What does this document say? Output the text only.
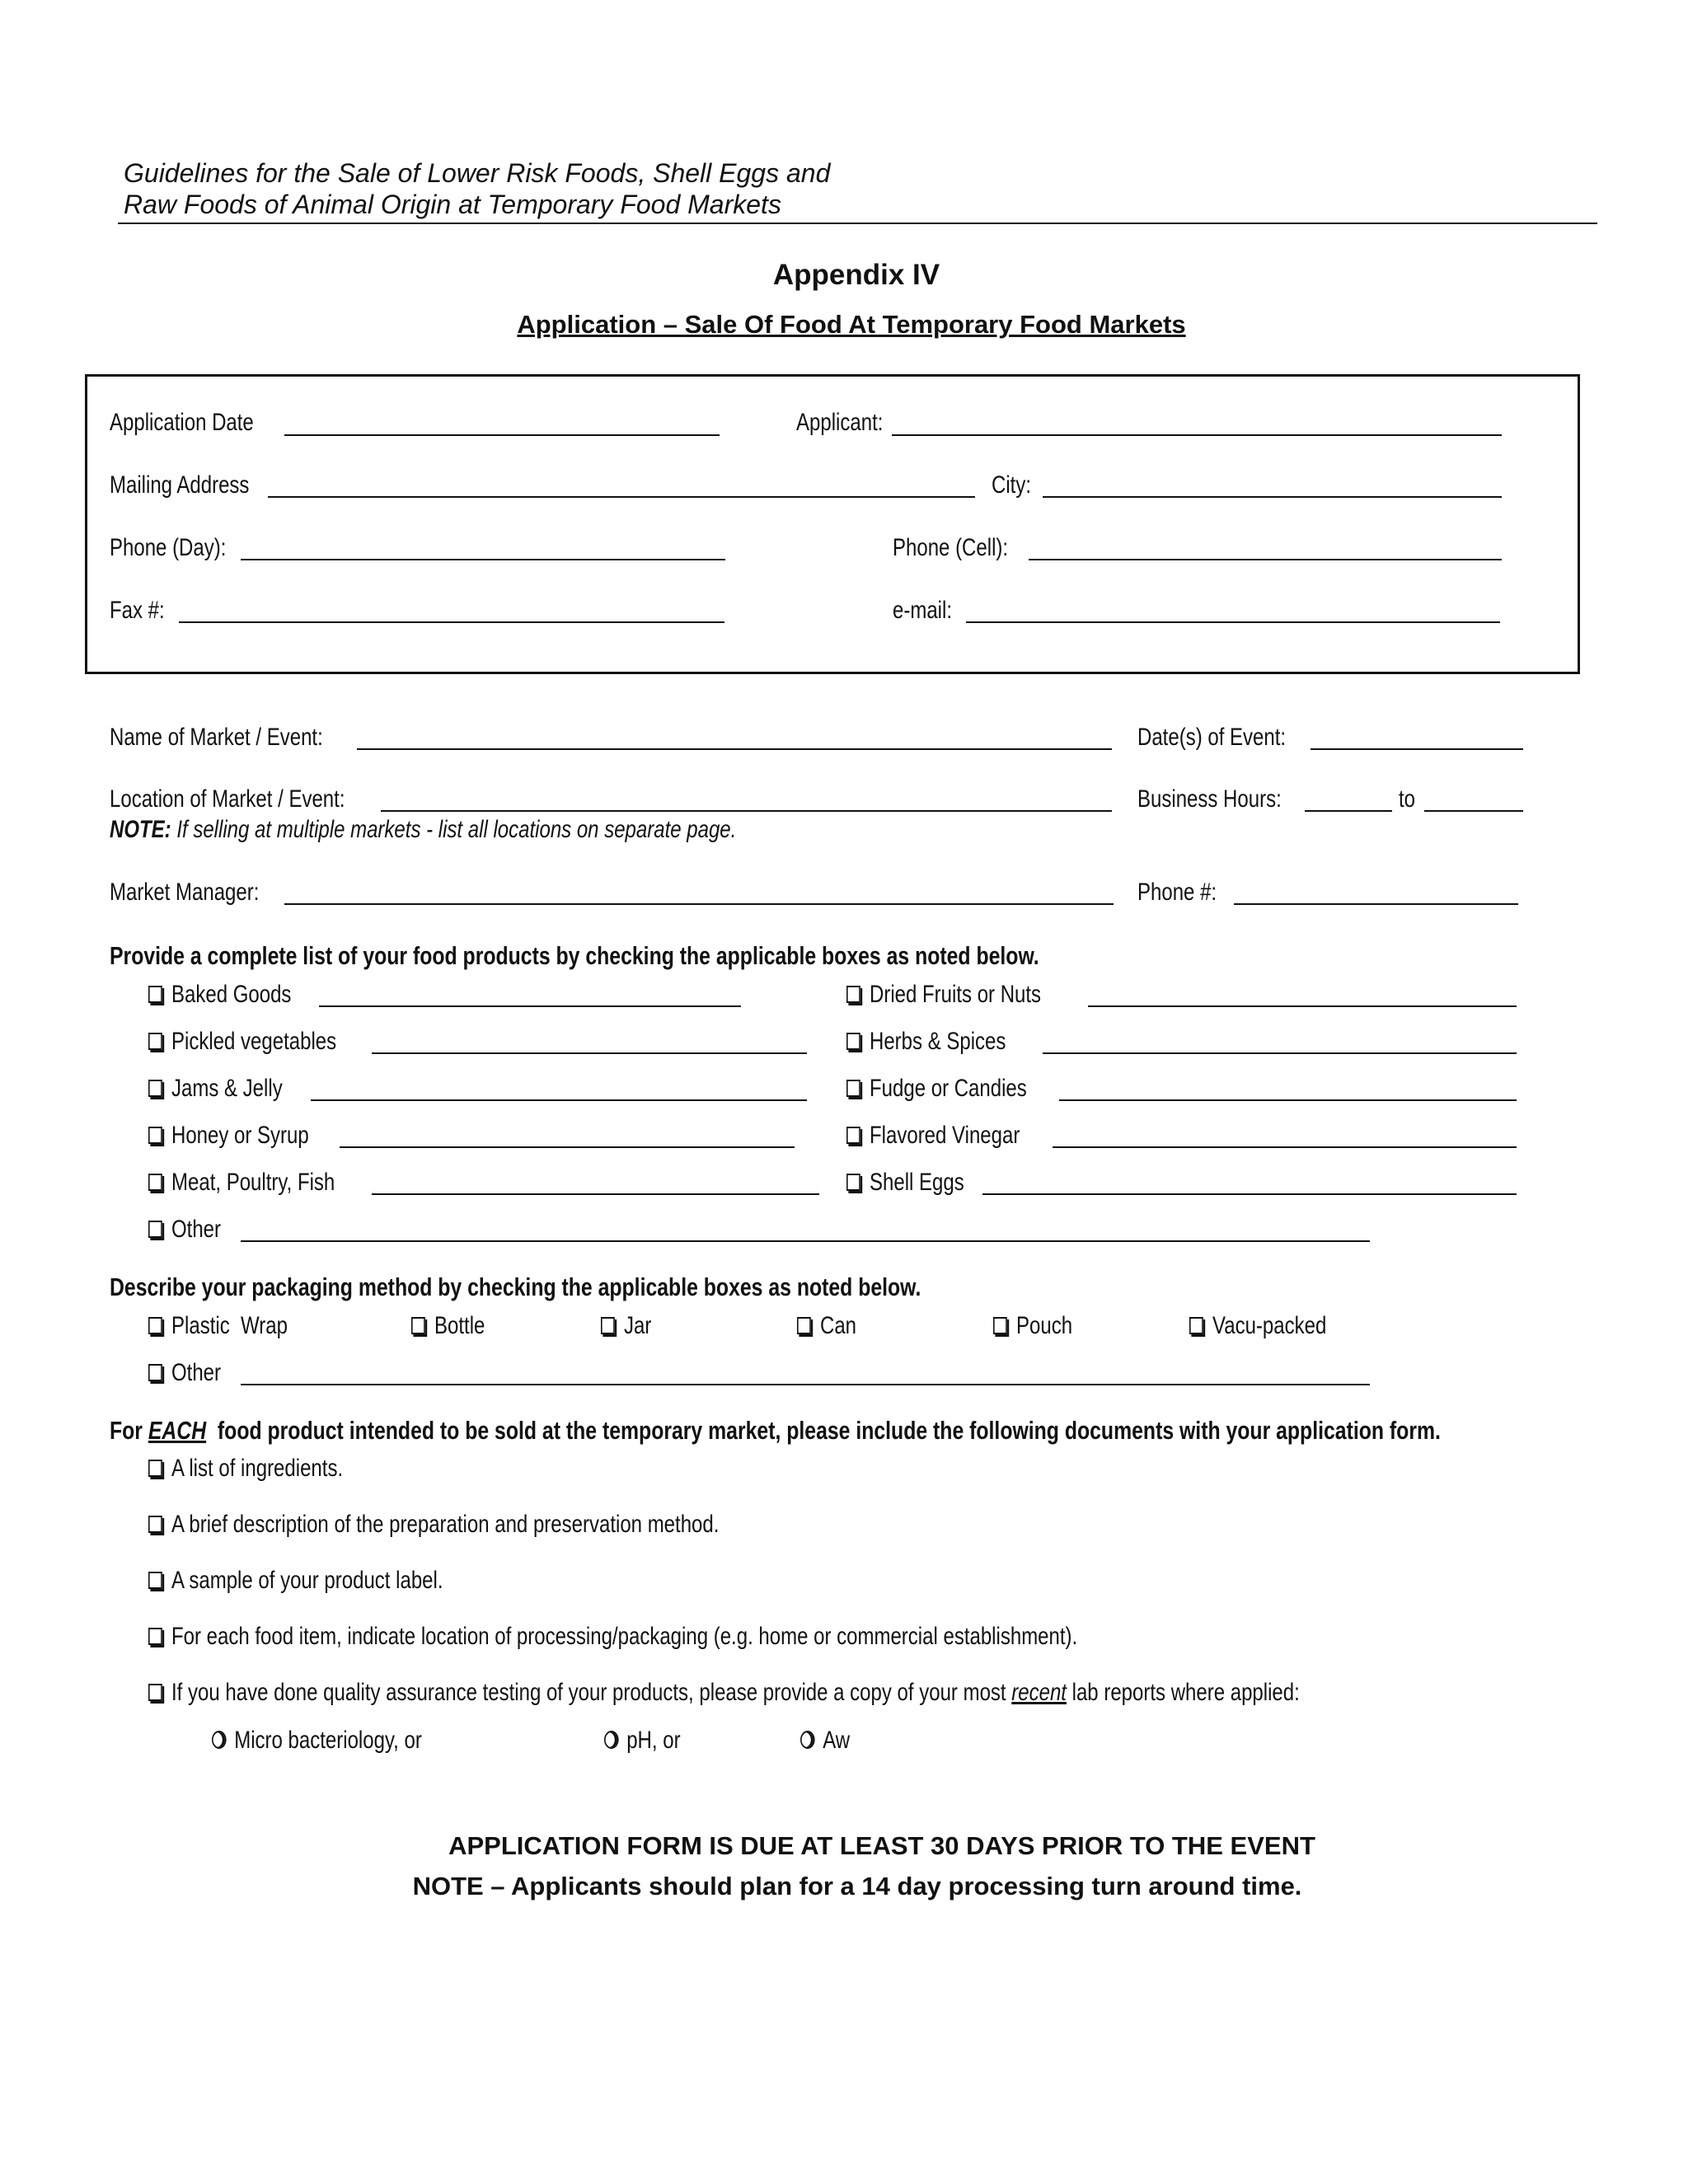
Guidelines for the Sale of Lower Risk Foods, Shell Eggs and
Raw Foods of Animal Origin at Temporary Food Markets
Appendix IV
Application – Sale Of Food At Temporary Food Markets
Application Date	Applicant:
Mailing Address	City:
Phone (Day):	Phone (Cell):
Fax #:	e-mail:
Name of Market / Event:	Date(s) of Event:
Location of Market / Event:	Business Hours:	to
NOTE: If selling at multiple markets - list all locations on separate page.
Market Manager:	Phone #:
Provide a complete list of your food products by checking the applicable boxes as noted below.
Baked Goods	Dried Fruits or Nuts
Pickled vegetables	Herbs & Spices
Jams & Jelly	Fudge or Candies
Honey or Syrup	Flavored Vinegar
Meat, Poultry, Fish	Shell Eggs
Other
Describe your packaging method by checking the applicable boxes as noted below.
Plastic  Wrap	Bottle	Jar	Can	Pouch	Vacu-packed
Other
For EACH  food product intended to be sold at the temporary market, please include the following documents with your application form.
A list of ingredients.
A brief description of the preparation and preservation method.
A sample of your product label.
For each food item, indicate location of processing/packaging (e.g. home or commercial establishment).
If you have done quality assurance testing of your products, please provide a copy of your most recent lab reports where applied:
Micro bacteriology, or	pH, or	Aw
APPLICATION FORM IS DUE AT LEAST 30 DAYS PRIOR TO THE EVENT
NOTE – Applicants should plan for a 14 day processing turn around time.
